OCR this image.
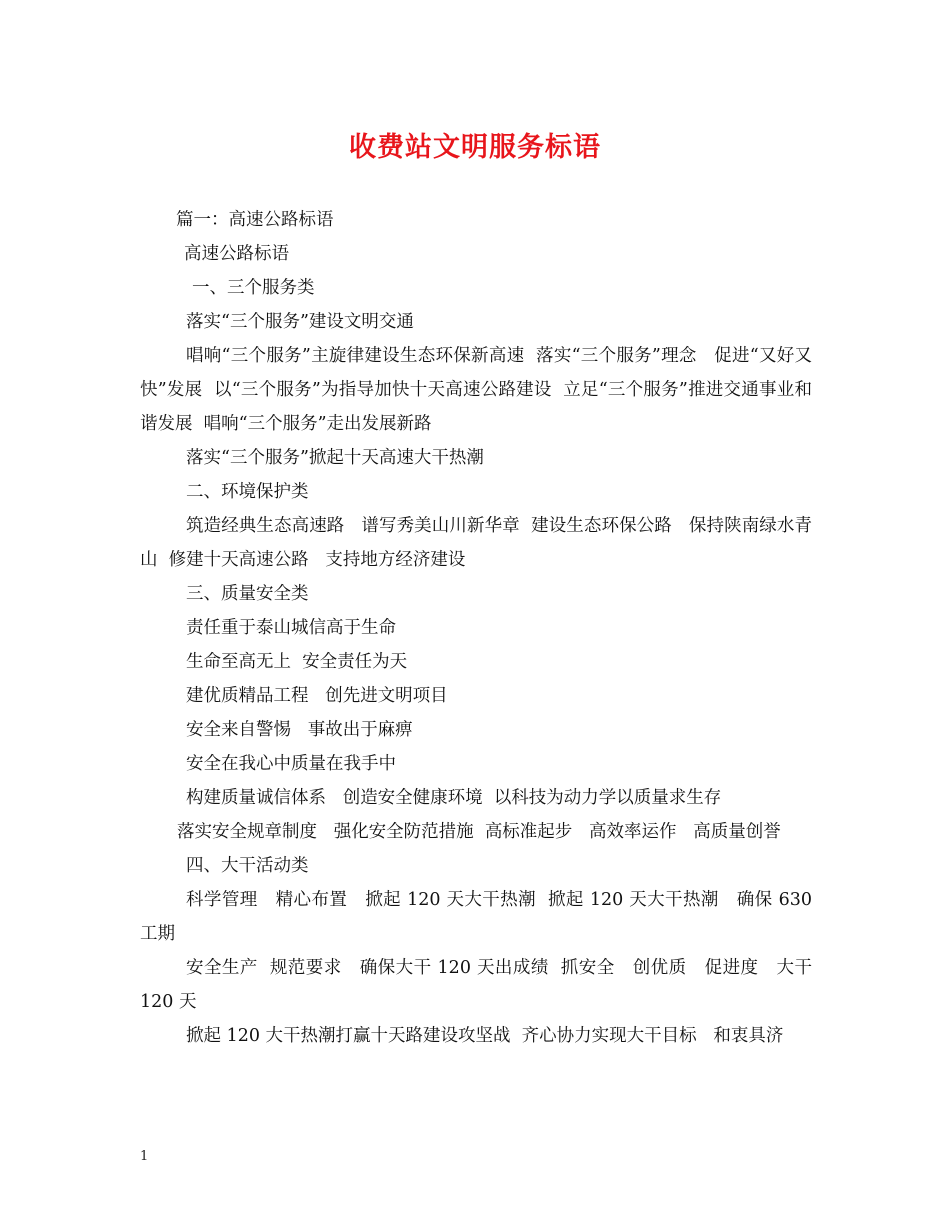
收费站文明服务标语

篇一：高速公路标语

高速公路标语

一、三个服务类

落实“三个服务”建设文明交通

唱响“三个服务”主旋律建设生态环保新高速  落实“三个服务”理念   促进“又好又快”发展  以“三个服务”为指导加快十天高速公路建设  立足“三个服务”推进交通事业和谐发展  唱响“三个服务”走出发展新路

落实“三个服务”掀起十天高速大干热潮

二、环境保护类

筑造经典生态高速路   谱写秀美山川新华章  建设生态环保公路   保持陕南绿水青山  修建十天高速公路   支持地方经济建设

三、质量安全类

责任重于泰山城信高于生命

生命至高无上  安全责任为天

建优质精品工程   创先进文明项目

安全来自警惕   事故出于麻痹

安全在我心中质量在我手中

构建质量诚信体系   创造安全健康环境  以科技为动力学以质量求生存

落实安全规章制度   强化安全防范措施  高标准起步   高效率运作   高质量创誉

四、大干活动类

科学管理   精心布置   掀起 120 天大干热潮  掀起 120 天大干热潮   确保 630 工期

安全生产  规范要求   确保大干 120 天出成绩  抓安全   创优质   促进度   大干 120 天

掀起 120 大干热潮打赢十天路建设攻坚战  齐心协力实现大干目标   和衷具济

1
